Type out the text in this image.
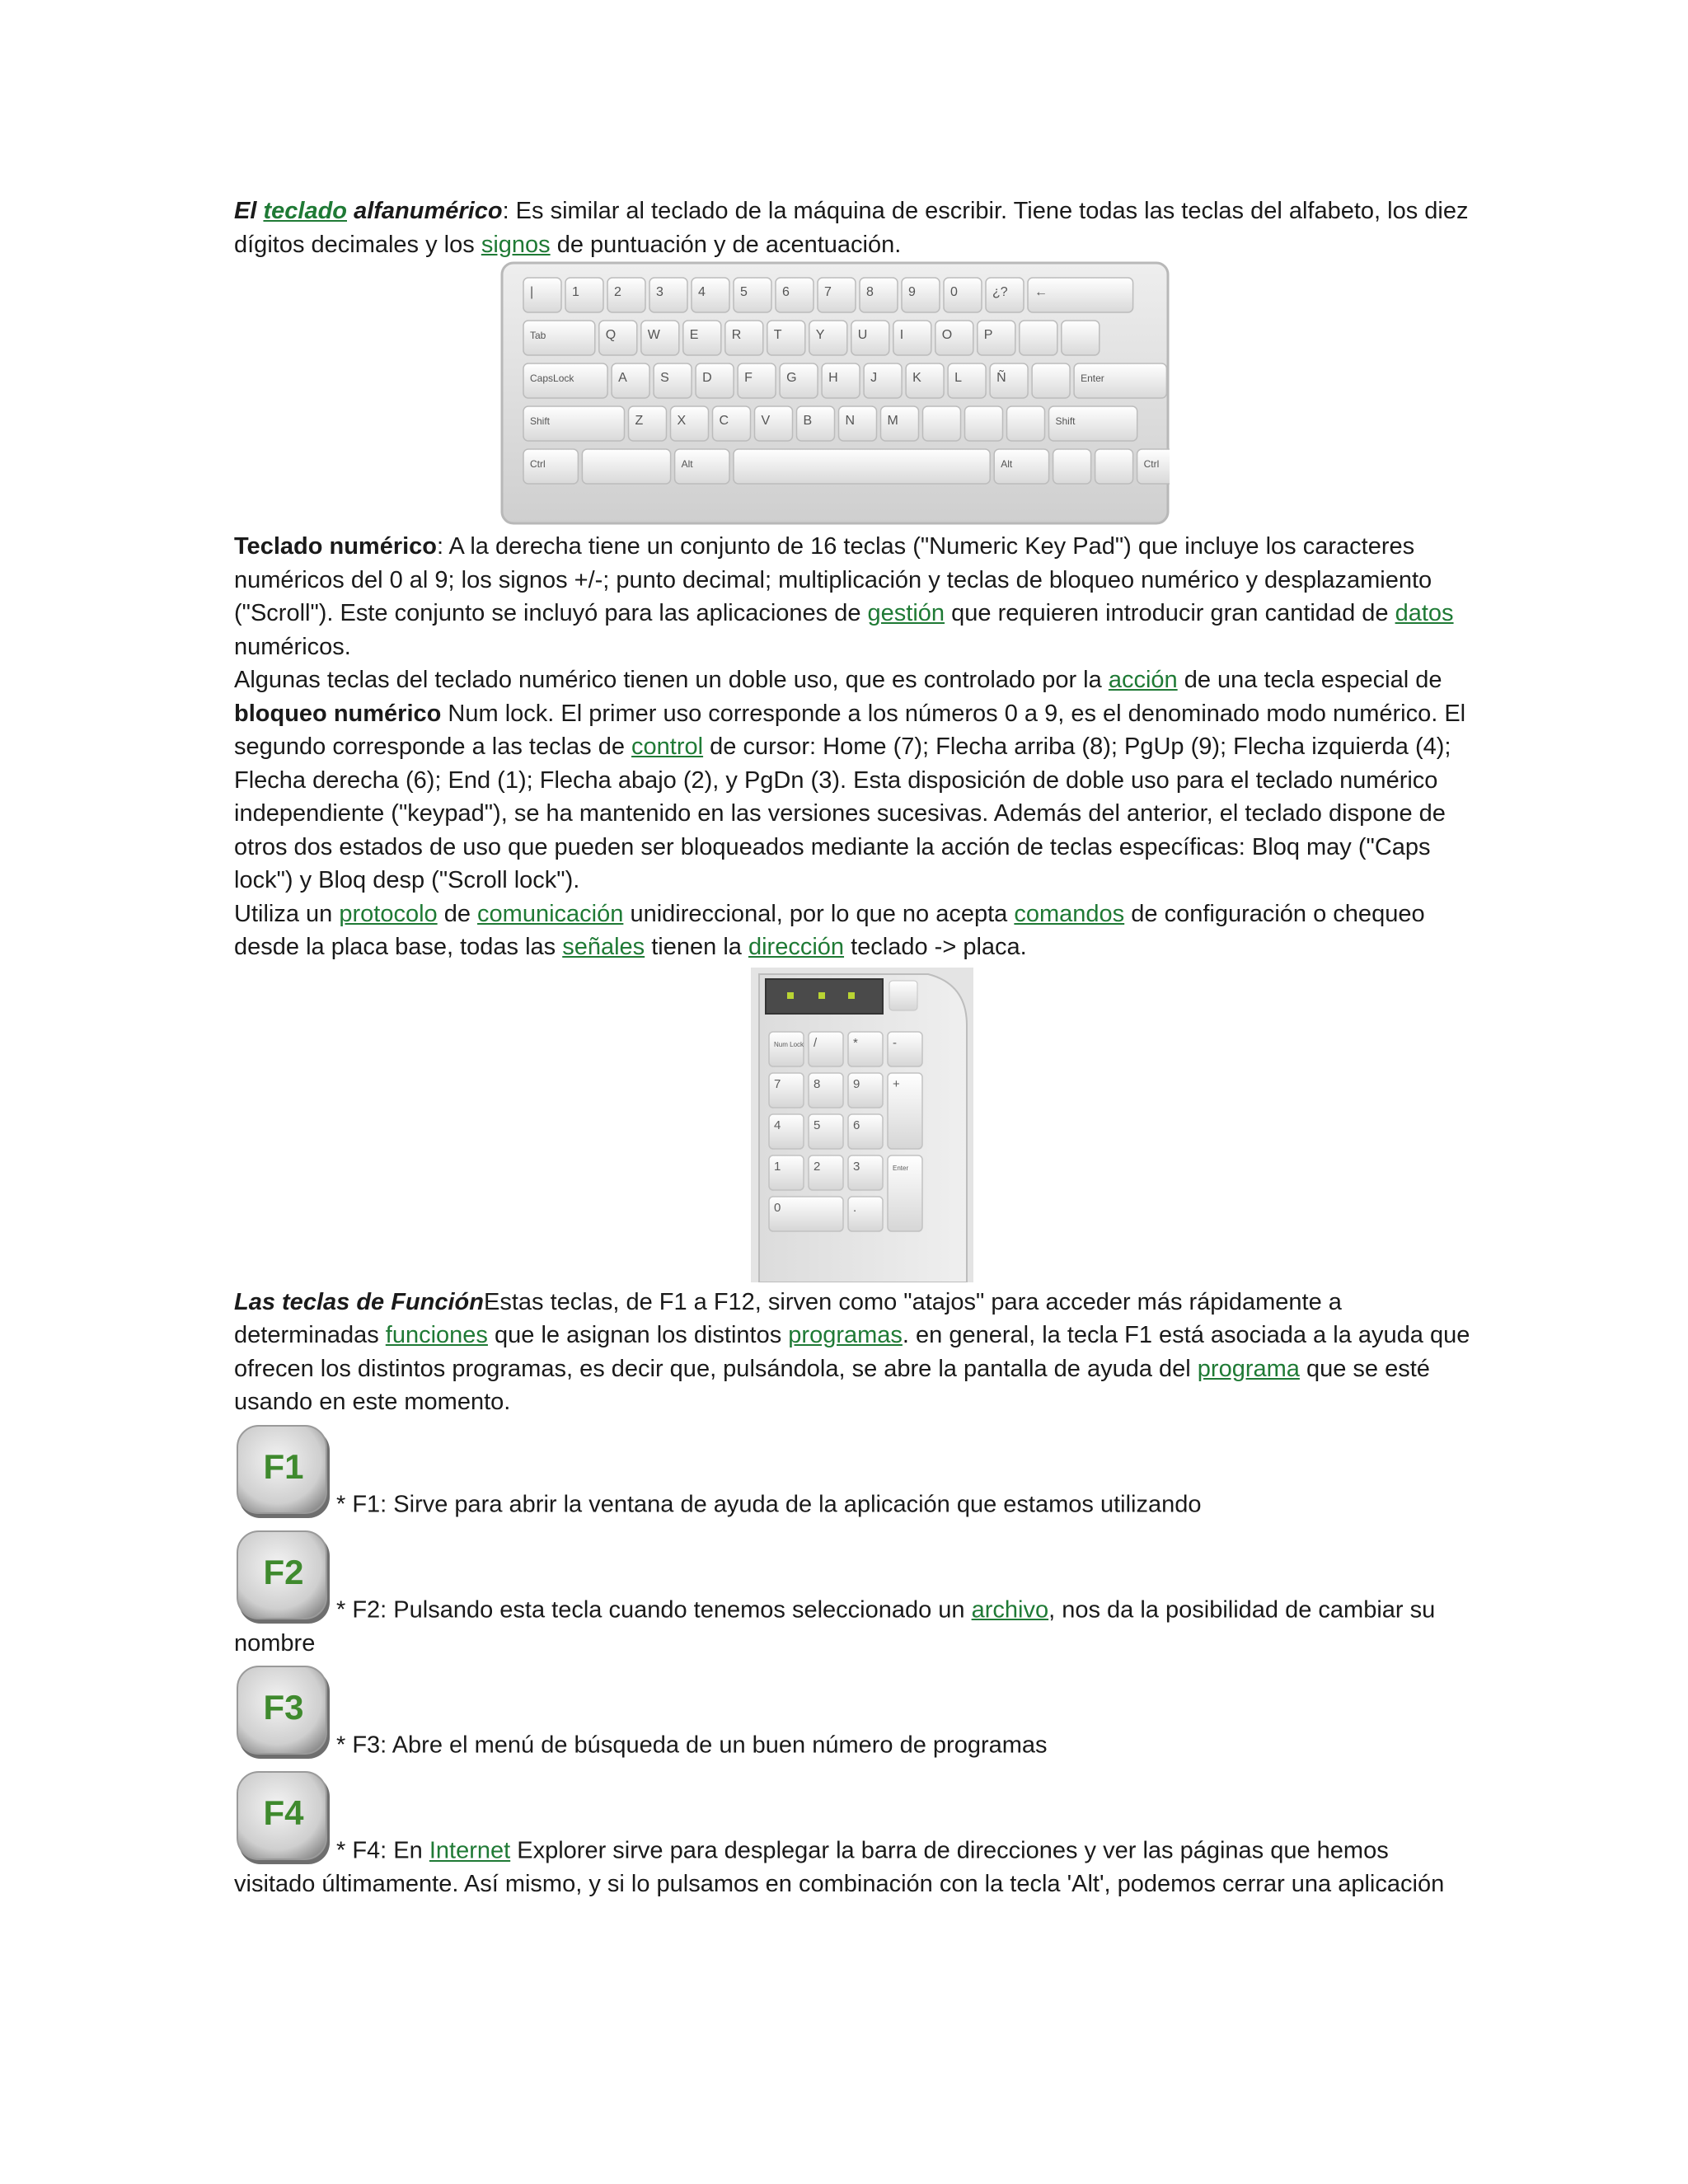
El teclado alfanumérico: Es similar al teclado de la máquina de escribir. Tiene todas las teclas del alfabeto, los diez dígitos decimales y los signos de puntuación y de acentuación.

|	1	2	3	4	5	6	7	8	9	0	¿? ←
Tab	Q W E	R T	Y	U I	O P
CapsLock	A	S	D F	G H J	K	L	Ñ	Enter
Shift	Z	X	C V	B	N M	Shift
Ctrl	Alt	Alt	Ctrl

Teclado numérico: A la derecha tiene un conjunto de 16 teclas ("Numeric Key Pad") que incluye los caracteres numéricos del 0 al 9; los signos +/-; punto decimal; multiplicación y teclas de bloqueo numérico y desplazamiento ("Scroll"). Este conjunto se incluyó para las aplicaciones de gestión que requieren introducir gran cantidad de datos numéricos.

Algunas teclas del teclado numérico tienen un doble uso, que es controlado por la acción de una tecla especial de bloqueo numérico Num lock. El primer uso corresponde a los números 0 a 9, es el denominado modo numérico. El segundo corresponde a las teclas de control de cursor: Home (7); Flecha arriba (8); PgUp (9); Flecha izquierda (4); Flecha derecha (6); End (1); Flecha abajo (2), y PgDn (3). Esta disposición de doble uso para el teclado numérico independiente ("keypad"), se ha mantenido en las versiones sucesivas. Además del anterior, el teclado dispone de otros dos estados de uso que pueden ser bloqueados mediante la acción de teclas específicas: Bloq may ("Caps lock") y Bloq desp ("Scroll lock").

Utiliza un protocolo de comunicación unidireccional, por lo que no acepta comandos de configuración o chequeo desde la placa base, todas las señales tienen la dirección teclado -> placa.

Num Lock /	*	-
7	8	9	+
4	5	6
1	2	3	Enter
0	.

Las teclas de FunciónEstas teclas, de F1 a F12, sirven como "atajos" para acceder más rápidamente a determinadas funciones que le asignan los distintos programas. en general, la tecla F1 está asociada a la ayuda que ofrecen los distintos programas, es decir que, pulsándola, se abre la pantalla de ayuda del programa que se esté usando en este momento.

F1
* F1: Sirve para abrir la ventana de ayuda de la aplicación que estamos utilizando

F2
* F2: Pulsando esta tecla cuando tenemos seleccionado un archivo, nos da la posibilidad de cambiar su nombre

F3
* F3: Abre el menú de búsqueda de un buen número de programas

F4
* F4: En Internet Explorer sirve para desplegar la barra de direcciones y ver las páginas que hemos visitado últimamente. Así mismo, y si lo pulsamos en combinación con la tecla 'Alt', podemos cerrar una aplicación
